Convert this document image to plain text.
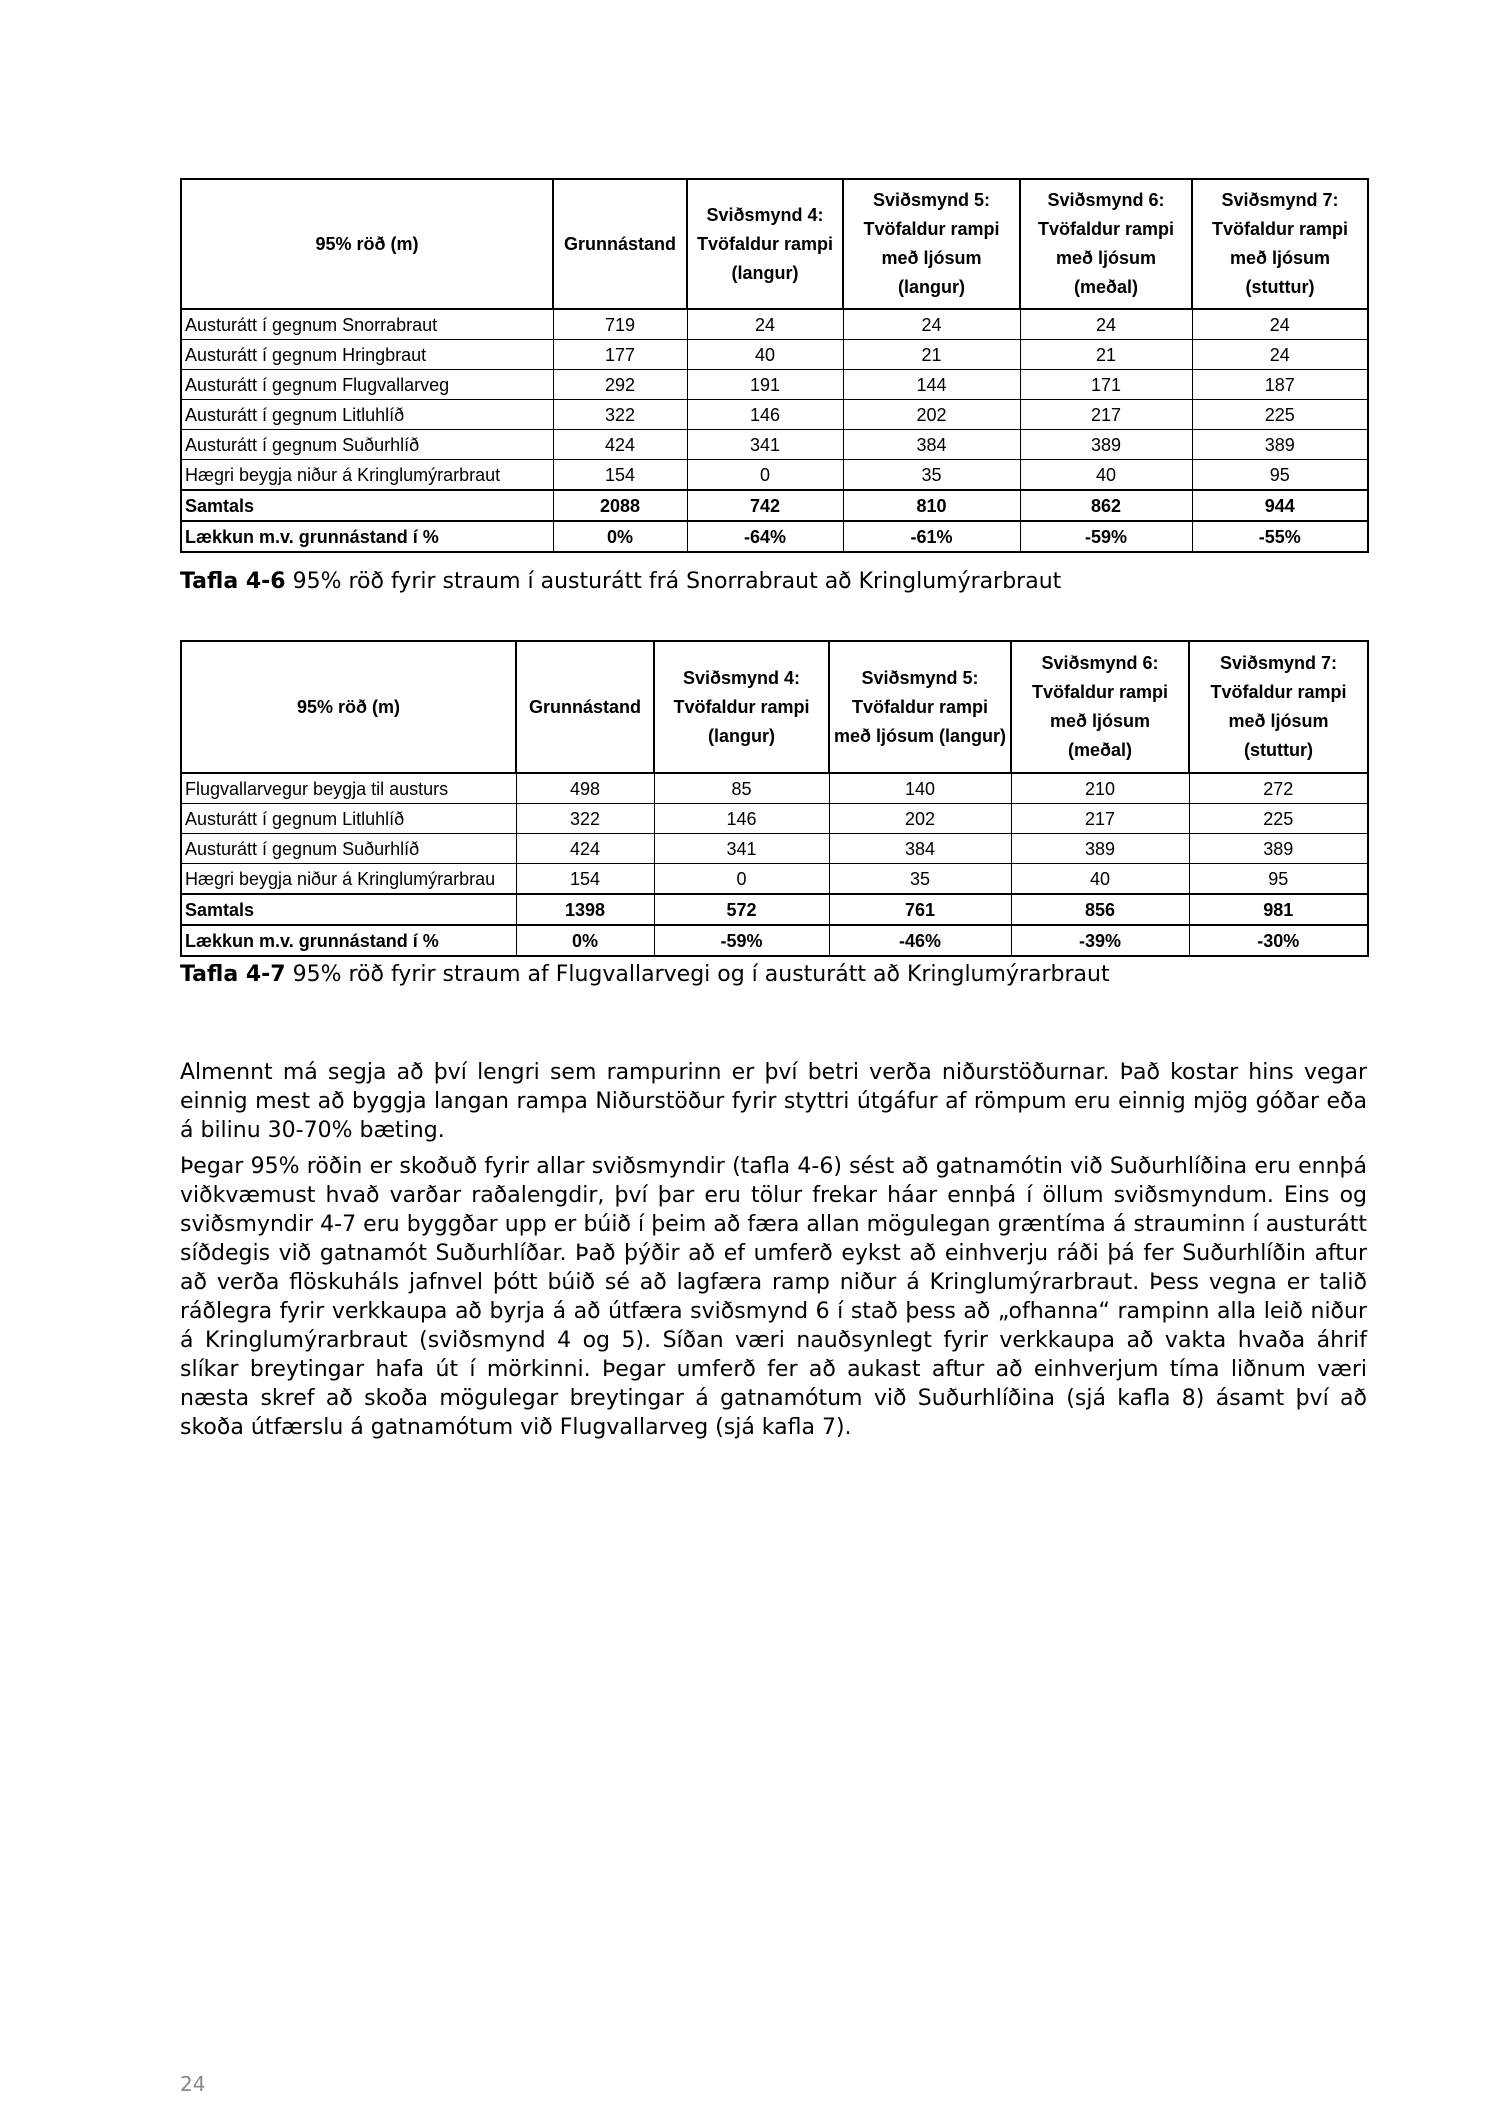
95% röð (m)	Grunnástand	Sviðsmynd 4: Tvöfaldur rampi (langur)	Sviðsmynd 5: Tvöfaldur rampi með ljósum (langur)	Sviðsmynd 6: Tvöfaldur rampi með ljósum (meðal)	Sviðsmynd 7: Tvöfaldur rampi með ljósum (stuttur)
Austurátt í gegnum Snorrabraut	719	24	24	24	24
Austurátt í gegnum Hringbraut	177	40	21	21	24
Austurátt í gegnum Flugvallarveg	292	191	144	171	187
Austurátt í gegnum Litluhlíð	322	146	202	217	225
Austurátt í gegnum Suðurhlíð	424	341	384	389	389
Hægri beygja niður á Kringlumýrarbraut	154	0	35	40	95
Samtals	2088	742	810	862	944
Lækkun m.v. grunnástand í %	0%	-64%	-61%	-59%	-55%
Tafla 4-6 95% röð fyrir straum í austurátt frá Snorrabraut að Kringlumýrarbraut
95% röð (m)	Grunnástand	Sviðsmynd 4: Tvöfaldur rampi (langur)	Sviðsmynd 5: Tvöfaldur rampi með ljósum (langur)	Sviðsmynd 6: Tvöfaldur rampi með ljósum (meðal)	Sviðsmynd 7: Tvöfaldur rampi með ljósum (stuttur)
Flugvallarvegur beygja til austurs	498	85	140	210	272
Austurátt í gegnum Litluhlíð	322	146	202	217	225
Austurátt í gegnum Suðurhlíð	424	341	384	389	389
Hægri beygja niður á Kringlumýrarbrau	154	0	35	40	95
Samtals	1398	572	761	856	981
Lækkun m.v. grunnástand í %	0%	-59%	-46%	-39%	-30%
Tafla 4-7 95% röð fyrir straum af Flugvallarvegi og í austurátt að Kringlumýrarbraut

Almennt má segja að því lengri sem rampurinn er því betri verða niðurstöðurnar. Það kostar hins vegar einnig mest að byggja langan rampa Niðurstöður fyrir styttri útgáfur af römpum eru einnig mjög góðar eða á bilinu 30-70% bæting.

Þegar 95% röðin er skoðuð fyrir allar sviðsmyndir (tafla 4-6) sést að gatnamótin við Suðurhlíðina eru ennþá viðkvæmust hvað varðar raðalengdir, því þar eru tölur frekar háar ennþá í öllum sviðsmyndum. Eins og sviðsmyndir 4-7 eru byggðar upp er búið í þeim að færa allan mögulegan græntíma á strauminn í austurátt síðdegis við gatnamót Suðurhlíðar. Það þýðir að ef umferð eykst að einhverju ráði þá fer Suðurhlíðin aftur að verða flöskuháls jafnvel þótt búið sé að lagfæra ramp niður á Kringlumýrarbraut. Þess vegna er talið ráðlegra fyrir verkkaupa að byrja á að útfæra sviðsmynd 6 í stað þess að „ofhanna“ rampinn alla leið niður á Kringlumýrarbraut (sviðsmynd 4 og 5). Síðan væri nauðsynlegt fyrir verkkaupa að vakta hvaða áhrif slíkar breytingar hafa út í mörkinni. Þegar umferð fer að aukast aftur að einhverjum tíma liðnum væri næsta skref að skoða mögulegar breytingar á gatnamótum við Suðurhlíðina (sjá kafla 8) ásamt því að skoða útfærslu á gatnamótum við Flugvallarveg (sjá kafla 7).

24
